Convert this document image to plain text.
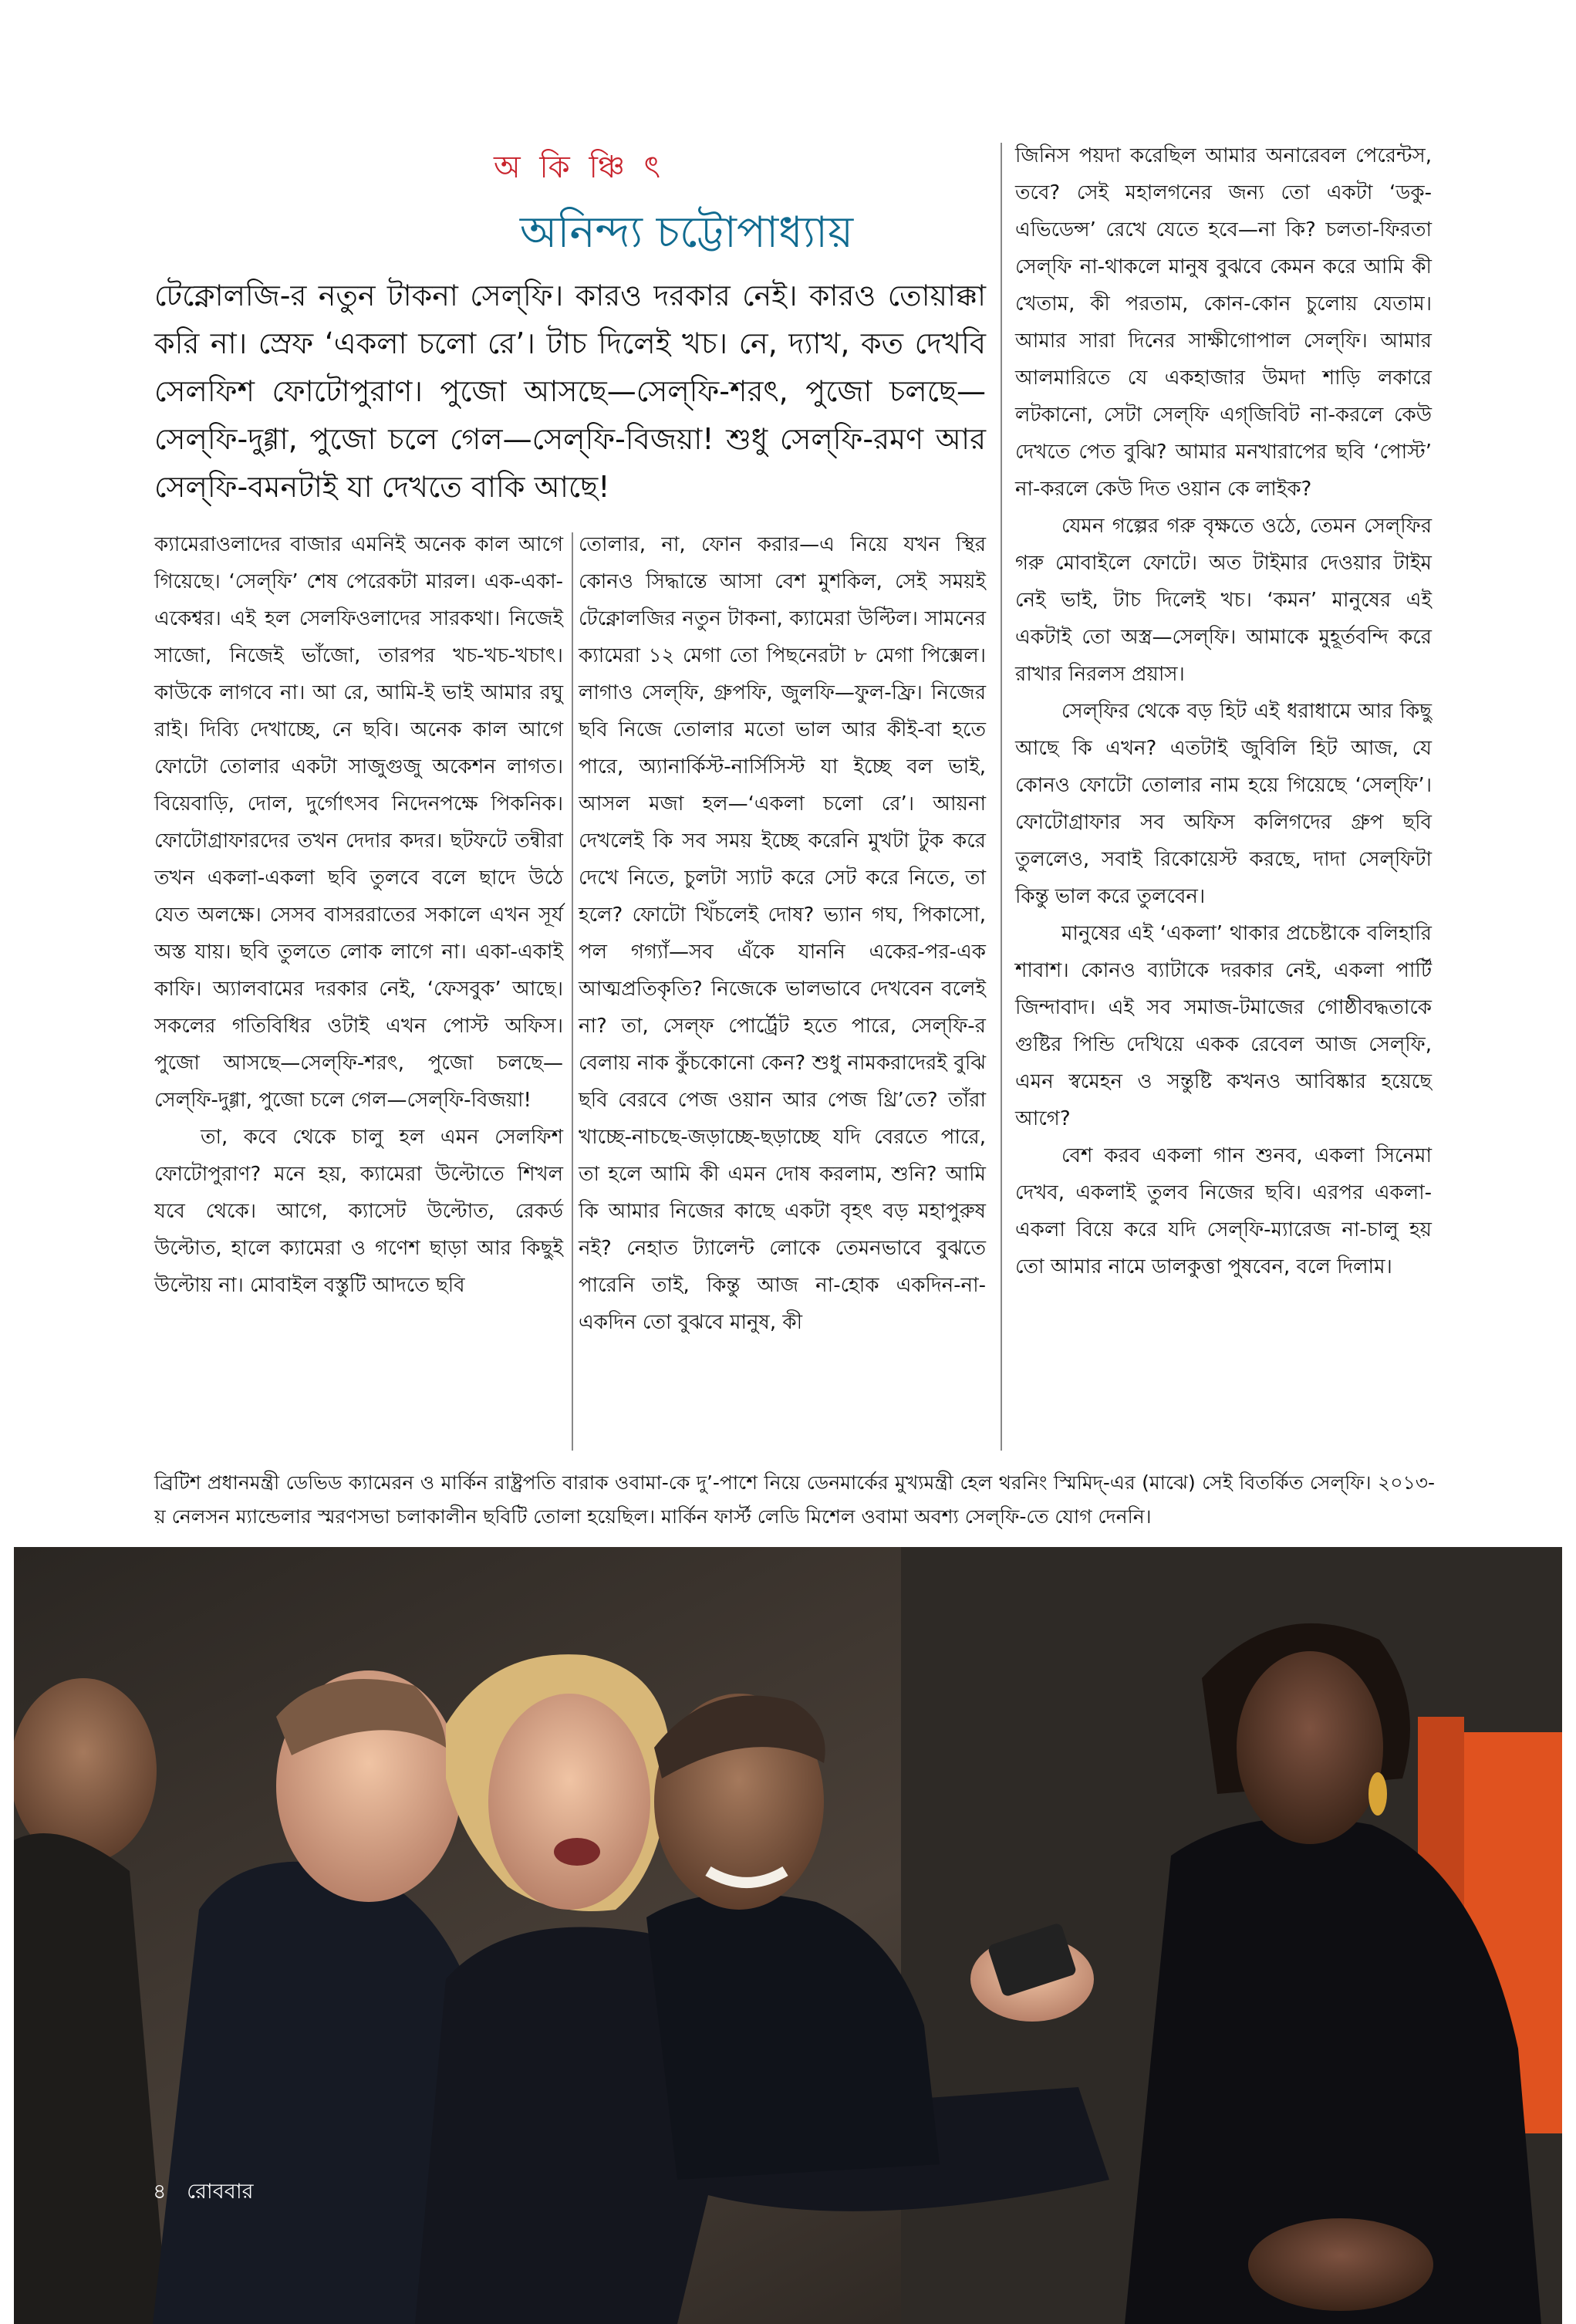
অ কি ঞ্চি ৎ
অনিন্দ্য চট্টোপাধ্যায়
টেক্নোলজি-র নতুন টাকনা সেল্‌ফি। কারও দরকার নেই। কারও তোয়াক্কা করি না। স্রেফ ‘একলা চলো রে’। টাচ দিলেই খচ। নে, দ্যাখ, কত দেখবি সেলফিশ ফোটোপুরাণ। পুজো আসছে—সেল্‌ফি-শরৎ, পুজো চলছে—সেল্‌ফি-দুগ্গা, পুজো চলে গেল—সেল্‌ফি-বিজয়া! শুধু সেল্‌ফি-রমণ আর সেল্‌ফি-বমনটাই যা দেখতে বাকি আছে!

ক্যামেরাওলাদের বাজার এমনিই অনেক কাল আগে গিয়েছে। ‘সেল্‌ফি’ শেষ পেরেকটা মারল। এক-একা-একেশ্বর। এই হল সেলফিওলাদের সারকথা। নিজেই সাজো, নিজেই ভাঁজো, তারপর খচ-খচ-খচাৎ। কাউকে লাগবে না। আ রে, আমি-ই ভাই আমার রঘু রাই। দিব্যি দেখাচ্ছে, নে ছবি। অনেক কাল আগে ফোটো তোলার একটা সাজুগুজু অকেশন লাগত। বিয়েবাড়ি, দোল, দুর্গোৎসব নিদেনপক্ষে পিকনিক। ফোটোগ্রাফারদের তখন দেদার কদর। ছটফটে তন্বীরা তখন একলা-একলা ছবি তুলবে বলে ছাদে উঠে যেত অলক্ষে। সেসব বাসররাতের সকালে এখন সূর্য অস্ত যায়। ছবি তুলতে লোক লাগে না। একা-একাই কাফি। অ্যালবামের দরকার নেই, ‘ফেসবুক’ আছে। সকলের গতিবিধির ওটাই এখন পোস্ট অফিস। পুজো আসছে—সেল্‌ফি-শরৎ, পুজো চলছে—সেল্‌ফি-দুগ্গা, পুজো চলে গেল—সেল্‌ফি-বিজয়া!

তা, কবে থেকে চালু হল এমন সেলফিশ ফোটোপুরাণ? মনে হয়, ক্যামেরা উল্টোতে শিখল যবে থেকে। আগে, ক্যাসেট উল্টোত, রেকর্ড উল্টোত, হালে ক্যামেরা ও গণেশ ছাড়া আর কিছুই উল্টোয় না। মোবাইল বস্তুটি আদতে ছবি

তোলার, না, ফোন করার—এ নিয়ে যখন স্থির কোনও সিদ্ধান্তে আসা বেশ মুশকিল, সেই সময়ই টেক্নোলজির নতুন টাকনা, ক্যামেরা উল্টিল। সামনের ক্যামেরা ১২ মেগা তো পিছনেরটা ৮ মেগা পিক্সেল। লাগাও সেল্‌ফি, গ্রুপফি, জুলফি—ফুল-ফ্রি। নিজের ছবি নিজে তোলার মতো ভাল আর কীই-বা হতে পারে, অ্যানার্কিস্ট-নার্সিসিস্ট যা ইচ্ছে বল ভাই, আসল মজা হল—‘একলা চলো রে’। আয়না দেখলেই কি সব সময় ইচ্ছে করেনি মুখটা টুক করে দেখে নিতে, চুলটা স্যাট করে সেট করে নিতে, তা হলে? ফোটো খিঁচলেই দোষ? ভ্যান গঘ, পিকাসো, পল গগ্যাঁ—সব এঁকে যাননি একের-পর-এক আত্মপ্রতিকৃতি? নিজেকে ভালভাবে দেখবেন বলেই না? তা, সেল্‌ফ পোর্ট্রেট হতে পারে, সেল্‌ফি-র বেলায় নাক কুঁচকোনো কেন? শুধু নামকরাদেরই বুঝি ছবি বেরবে পেজ ওয়ান আর পেজ থ্রি’তে? তাঁরা খাচ্ছে-নাচছে-জড়াচ্ছে-ছড়াচ্ছে যদি বেরতে পারে, তা হলে আমি কী এমন দোষ করলাম, শুনি? আমি কি আমার নিজের কাছে একটা বৃহৎ বড় মহাপুরুষ নই? নেহাত ট্যালেন্ট লোকে তেমনভাবে বুঝতে পারেনি তাই, কিন্তু আজ না-হোক একদিন-না-একদিন তো বুঝবে মানুষ, কী

জিনিস পয়দা করেছিল আমার অনারেবল পেরেন্টস, তবে? সেই মহালগনের জন্য তো একটা ‘ডকু-এভিডেন্স’ রেখে যেতে হবে—না কি? চলতা-ফিরতা সেল্‌ফি না-থাকলে মানুষ বুঝবে কেমন করে আমি কী খেতাম, কী পরতাম, কোন-কোন চুলোয় যেতাম। আমার সারা দিনের সাক্ষীগোপাল সেল্‌ফি। আমার আলমারিতে যে একহাজার উমদা শাড়ি লকারে লটকানো, সেটা সেল্‌ফি এগ্‌জিবিট না-করলে কেউ দেখতে পেত বুঝি? আমার মনখারাপের ছবি ‘পোস্ট’ না-করলে কেউ দিত ওয়ান কে লাইক?

যেমন গল্পের গরু বৃক্ষতে ওঠে, তেমন সেল্‌ফির গরু মোবাইলে ফোটে। অত টাইমার দেওয়ার টাইম নেই ভাই, টাচ দিলেই খচ। ‘কমন’ মানুষের এই একটাই তো অস্ত্র—সেল্‌ফি। আমাকে মুহূর্তবন্দি করে রাখার নিরলস প্রয়াস।

সেল্‌ফির থেকে বড় হিট এই ধরাধামে আর কিছু আছে কি এখন? এতটাই জুবিলি হিট আজ, যে কোনও ফোটো তোলার নাম হয়ে গিয়েছে ‘সেল্‌ফি’। ফোটোগ্রাফার সব অফিস কলিগদের গ্রুপ ছবি তুললেও, সবাই রিকোয়েস্ট করছে, দাদা সেল্‌ফিটা কিন্তু ভাল করে তুলবেন।

মানুষের এই ‘একলা’ থাকার প্রচেষ্টাকে বলিহারি শাবাশ। কোনও ব্যাটাকে দরকার নেই, একলা পার্টি জিন্দাবাদ। এই সব সমাজ-টমাজের গোষ্ঠীবদ্ধতাকে গুষ্টির পিন্ডি দেখিয়ে একক রেবেল আজ সেল্‌ফি, এমন স্বমেহন ও সন্তুষ্টি কখনও আবিষ্কার হয়েছে আগে?

বেশ করব একলা গান শুনব, একলা সিনেমা দেখব, একলাই তুলব নিজের ছবি। এরপর একলা-একলা বিয়ে করে যদি সেল্‌ফি-ম্যারেজ না-চালু হয় তো আমার নামে ডালকুত্তা পুষবেন, বলে দিলাম।

ব্রিটিশ প্রধানমন্ত্রী ডেভিড ক্যামেরন ও মার্কিন রাষ্ট্রপতি বারাক ওবামা-কে দু’-পাশে নিয়ে ডেনমার্কের মুখ্যমন্ত্রী হেল থরনিং স্মিমিদ্-এর (মাঝে) সেই বিতর্কিত সেল্‌ফি। ২০১৩-য় নেলসন ম্যান্ডেলার স্মরণসভা চলাকালীন ছবিটি তোলা হয়েছিল। মার্কিন ফার্স্ট লেডি মিশেল ওবামা অবশ্য সেল্‌ফি-তে যোগ দেননি।
৪ রোববার
